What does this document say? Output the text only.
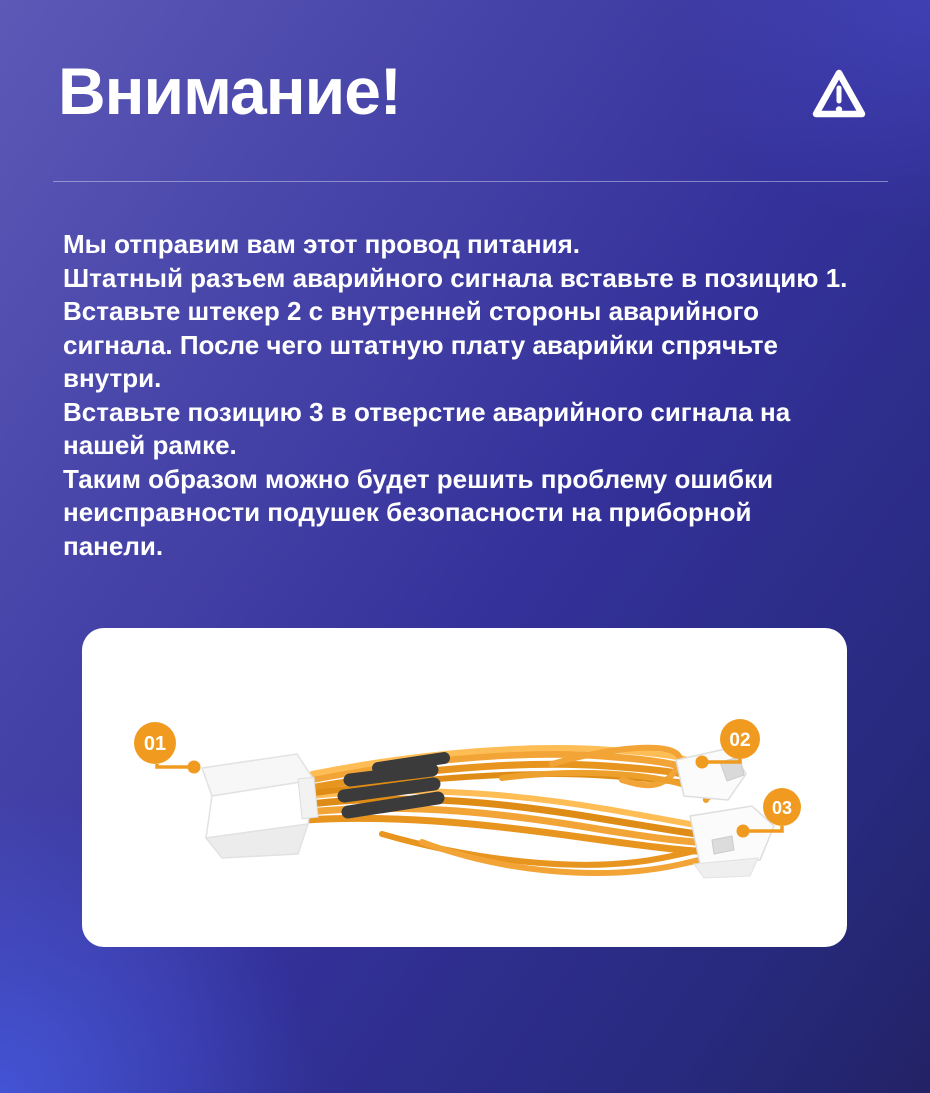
Внимание!
Мы отправим вам этот провод питания.
Штатный разъем аварийного сигнала вставьте в позицию 1.
Вставьте штекер 2 с внутренней стороны аварийного
сигнала. После чего штатную плату аварийки спрячьте
внутри.
Вставьте позицию 3 в отверстие аварийного сигнала на
нашей рамке.
Таким образом можно будет решить проблему ошибки
неисправности подушек безопасности на приборной
панели.
01	02
03
